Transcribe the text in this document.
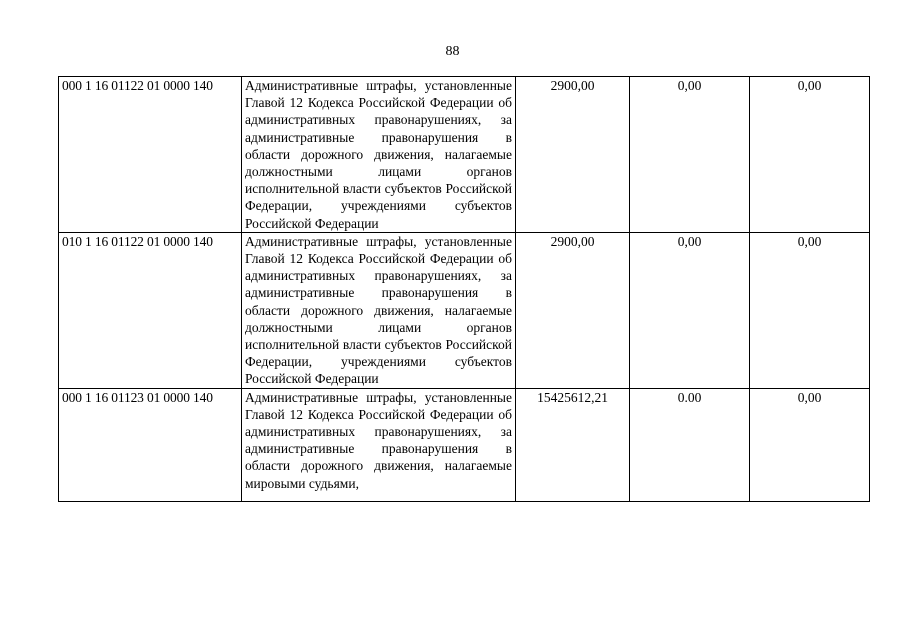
88
000 1 16 01122 01 0000 140	Административные штрафы, установленные Главой 12 Кодекса Российской Федерации об административных правонарушениях, за административные правонарушения в области дорожного движения, налагаемые должностными лицами органов исполнительной власти субъектов Российской Федерации, учреждениями субъектов Российской Федерации	2900,00	0,00	0,00
010 1 16 01122 01 0000 140	Административные штрафы, установленные Главой 12 Кодекса Российской Федерации об административных правонарушениях, за административные правонарушения в области дорожного движения, налагаемые должностными лицами органов исполнительной власти субъектов Российской Федерации, учреждениями субъектов Российской Федерации	2900,00	0,00	0,00
000 1 16 01123 01 0000 140	Административные штрафы, установленные Главой 12 Кодекса Российской Федерации об административных правонарушениях, за административные правонарушения в области дорожного движения, налагаемые мировыми судьями,	15425612,21	0.00	0,00
